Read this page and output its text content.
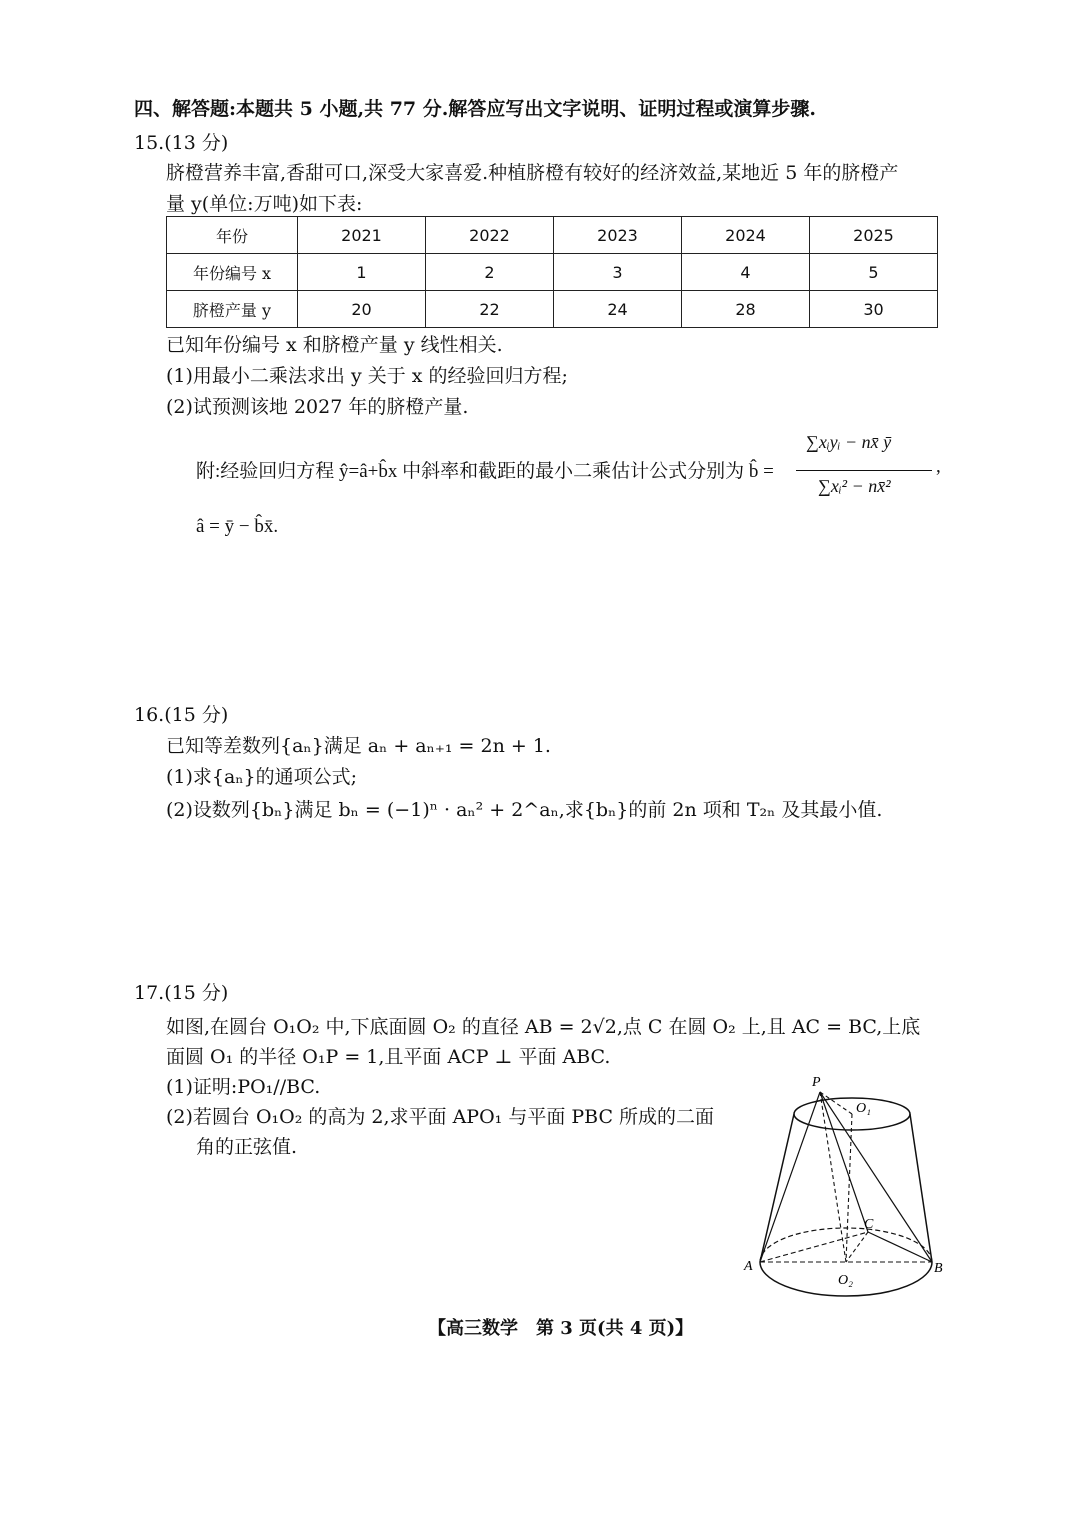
四、解答题:本题共 5 小题,共 77 分.解答应写出文字说明、证明过程或演算步骤.
15.(13 分)
脐橙营养丰富,香甜可口,深受大家喜爱.种植脐橙有较好的经济效益,某地近 5 年的脐橙产
量 y(单位:万吨)如下表:
年份	2021	2022	2023	2024	2025
年份编号 x	1	2	3	4	5
脐橙产量 y	20	22	24	28	30
已知年份编号 x 和脐橙产量 y 线性相关.
(1)用最小二乘法求出 y 关于 x 的经验回归方程;
(2)试预测该地 2027 年的脐橙产量.
附:经验回归方程 ŷ=â+b̂x 中斜率和截距的最小二乘估计公式分别为 b̂ =
∑xᵢyᵢ − nx̄ ȳ
∑xᵢ² − nx̄²
,
â = ȳ − b̂x̄.
16.(15 分)
已知等差数列{aₙ}满足 aₙ + aₙ₊₁ = 2n + 1.
(1)求{aₙ}的通项公式;
(2)设数列{bₙ}满足 bₙ = (−1)ⁿ · aₙ² + 2^aₙ,求{bₙ}的前 2n 项和 T₂ₙ 及其最小值.
17.(15 分)
如图,在圆台 O₁O₂ 中,下底面圆 O₂ 的直径 AB = 2√2,点 C 在圆 O₂ 上,且 AC = BC,上底
面圆 O₁ 的半径 O₁P = 1,且平面 ACP ⊥ 平面 ABC.
(1)证明:PO₁//BC.
(2)若圆台 O₁O₂ 的高为 2,求平面 APO₁ 与平面 PBC 所成的二面
角的正弦值.
P
O₁
C
A	B
O₂
【高三数学　第 3 页(共 4 页)】
